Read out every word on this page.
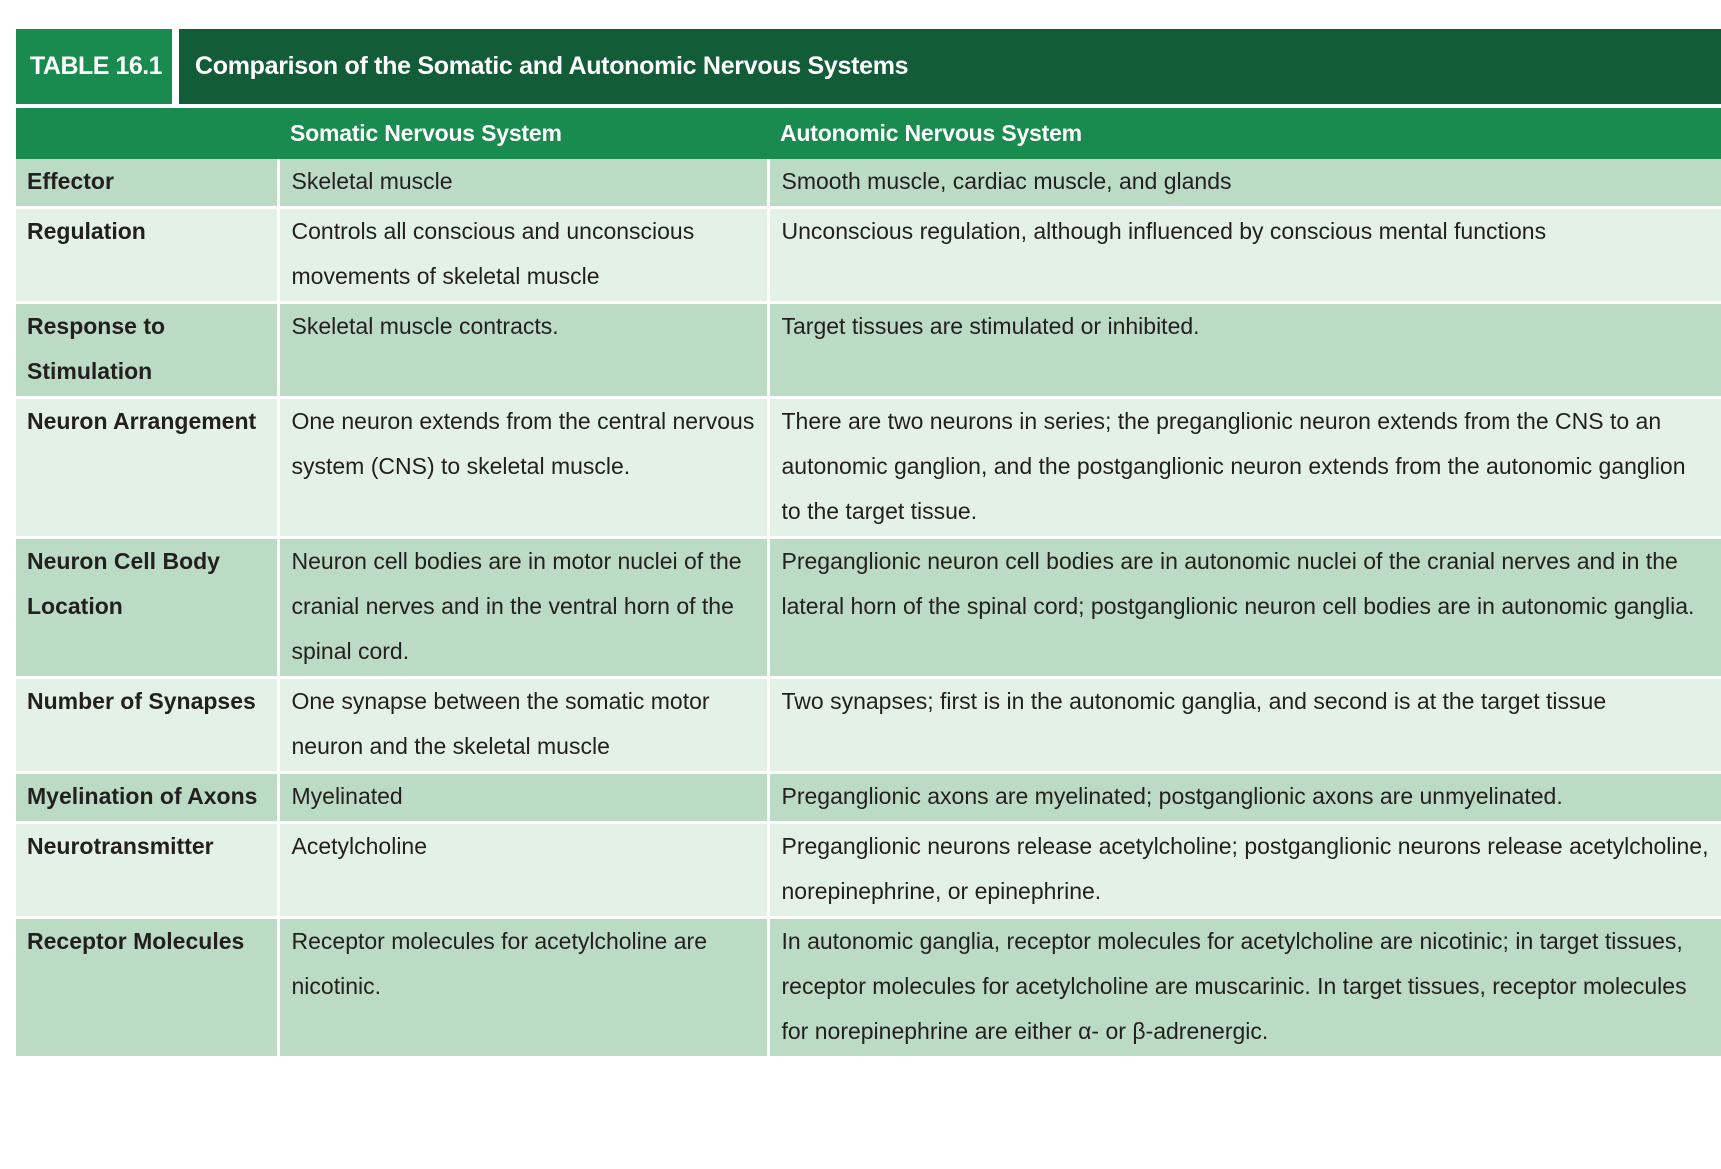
TABLE 16.1	Comparison of the Somatic and Autonomic Nervous Systems
	Somatic Nervous System	Autonomic Nervous System
Effector	Skeletal muscle	Smooth muscle, cardiac muscle, and glands
Regulation	Controls all conscious and unconscious movements of skeletal muscle	Unconscious regulation, although influenced by conscious mental functions
Response to Stimulation	Skeletal muscle contracts.	Target tissues are stimulated or inhibited.
Neuron Arrangement	One neuron extends from the central nervous system (CNS) to skeletal muscle.	There are two neurons in series; the preganglionic neuron extends from the CNS to an autonomic ganglion, and the postganglionic neuron extends from the autonomic ganglion to the target tissue.
Neuron Cell Body Location	Neuron cell bodies are in motor nuclei of the cranial nerves and in the ventral horn of the spinal cord.	Preganglionic neuron cell bodies are in autonomic nuclei of the cranial nerves and in the lateral horn of the spinal cord; postganglionic neuron cell bodies are in autonomic ganglia.
Number of Synapses	One synapse between the somatic motor neuron and the skeletal muscle	Two synapses; first is in the autonomic ganglia, and second is at the target tissue
Myelination of Axons	Myelinated	Preganglionic axons are myelinated; postganglionic axons are unmyelinated.
Neurotransmitter	Acetylcholine	Preganglionic neurons release acetylcholine; postganglionic neurons release acetylcholine, norepinephrine, or epinephrine.
Receptor Molecules	Receptor molecules for acetylcholine are nicotinic.	In autonomic ganglia, receptor molecules for acetylcholine are nicotinic; in target tissues, receptor molecules for acetylcholine are muscarinic. In target tissues, receptor molecules for norepinephrine are either α- or β-adrenergic.
